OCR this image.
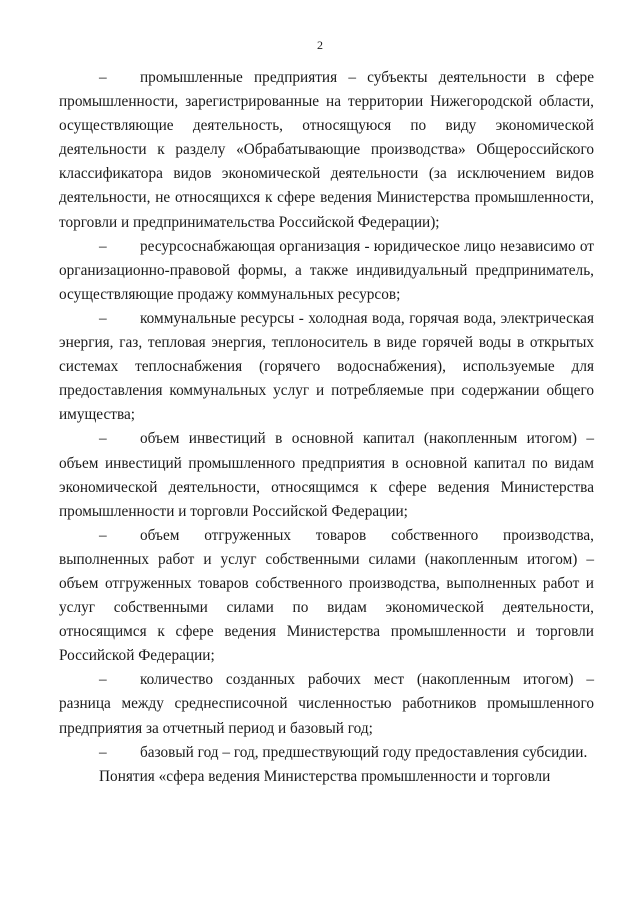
2

– промышленные предприятия – субъекты деятельности в сфере промышленности, зарегистрированные на территории Нижегородской области, осуществляющие деятельность, относящуюся по виду экономической деятельности к разделу «Обрабатывающие производства» Общероссийского классификатора видов экономической деятельности (за исключением видов деятельности, не относящихся к сфере ведения Министерства промышленности, торговли и предпринимательства Российской Федерации);

– ресурсоснабжающая организация - юридическое лицо независимо от организационно-правовой формы, а также индивидуальный предприниматель, осуществляющие продажу коммунальных ресурсов;

– коммунальные ресурсы - холодная вода, горячая вода, электрическая энергия, газ, тепловая энергия, теплоноситель в виде горячей воды в открытых системах теплоснабжения (горячего водоснабжения), используемые для предоставления коммунальных услуг и потребляемые при содержании общего имущества;

– объем инвестиций в основной капитал (накопленным итогом) – объем инвестиций промышленного предприятия в основной капитал по видам экономической деятельности, относящимся к сфере ведения Министерства промышленности и торговли Российской Федерации;

– объем отгруженных товаров собственного производства, выполненных работ и услуг собственными силами (накопленным итогом) – объем отгруженных товаров собственного производства, выполненных работ и услуг собственными силами по видам экономической деятельности, относящимся к сфере ведения Министерства промышленности и торговли Российской Федерации;

– количество созданных рабочих мест (накопленным итогом) – разница между среднесписочной численностью работников промышленного предприятия за отчетный период и базовый год;

– базовый год – год, предшествующий году предоставления субсидии.

Понятия «сфера ведения Министерства промышленности и торговли
